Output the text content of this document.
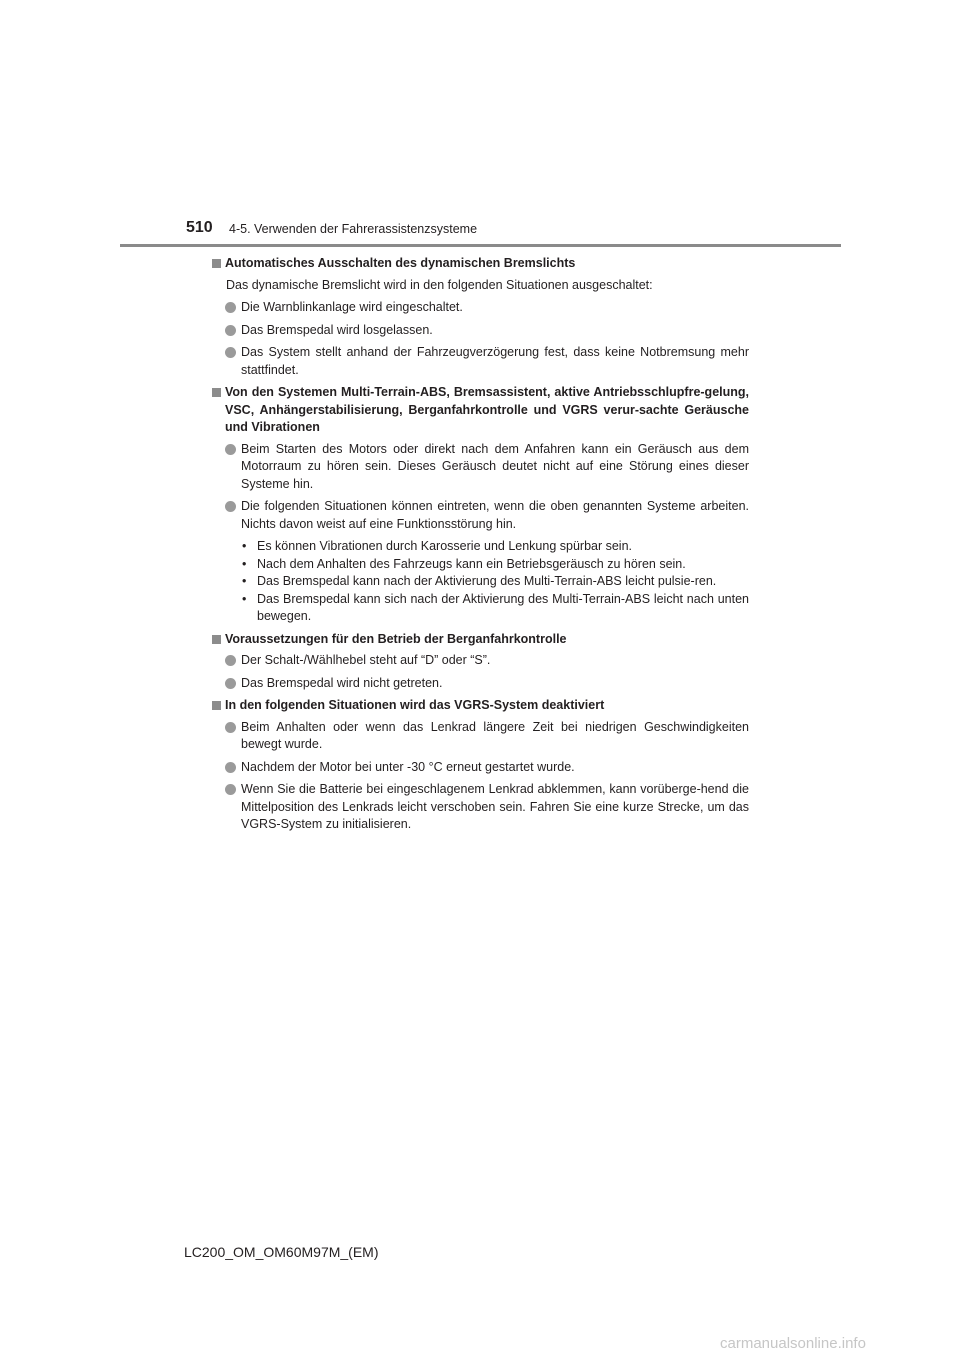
510 4-5. Verwenden der Fahrerassistenzsysteme
Automatisches Ausschalten des dynamischen Bremslichts
Das dynamische Bremslicht wird in den folgenden Situationen ausgeschaltet:
Die Warnblinkanlage wird eingeschaltet.
Das Bremspedal wird losgelassen.
Das System stellt anhand der Fahrzeugverzögerung fest, dass keine Notbremsung mehr stattfindet.
Von den Systemen Multi-Terrain-ABS, Bremsassistent, aktive Antriebsschlupfre-gelung, VSC, Anhängerstabilisierung, Berganfahrkontrolle und VGRS verur-sachte Geräusche und Vibrationen
Beim Starten des Motors oder direkt nach dem Anfahren kann ein Geräusch aus dem Motorraum zu hören sein. Dieses Geräusch deutet nicht auf eine Störung eines dieser Systeme hin.
Die folgenden Situationen können eintreten, wenn die oben genannten Systeme arbeiten. Nichts davon weist auf eine Funktionsstörung hin.
• Es können Vibrationen durch Karosserie und Lenkung spürbar sein.
• Nach dem Anhalten des Fahrzeugs kann ein Betriebsgeräusch zu hören sein.
• Das Bremspedal kann nach der Aktivierung des Multi-Terrain-ABS leicht pulsie-ren.
• Das Bremspedal kann sich nach der Aktivierung des Multi-Terrain-ABS leicht nach unten bewegen.
Voraussetzungen für den Betrieb der Berganfahrkontrolle
Der Schalt-/Wählhebel steht auf “D” oder “S”.
Das Bremspedal wird nicht getreten.
In den folgenden Situationen wird das VGRS-System deaktiviert
Beim Anhalten oder wenn das Lenkrad längere Zeit bei niedrigen Geschwindigkeiten bewegt wurde.
Nachdem der Motor bei unter -30 °C erneut gestartet wurde.
Wenn Sie die Batterie bei eingeschlagenem Lenkrad abklemmen, kann vorüberge-hend die Mittelposition des Lenkrads leicht verschoben sein. Fahren Sie eine kurze Strecke, um das VGRS-System zu initialisieren.
LC200_OM_OM60M97M_(EM)
carmanualsonline.info
